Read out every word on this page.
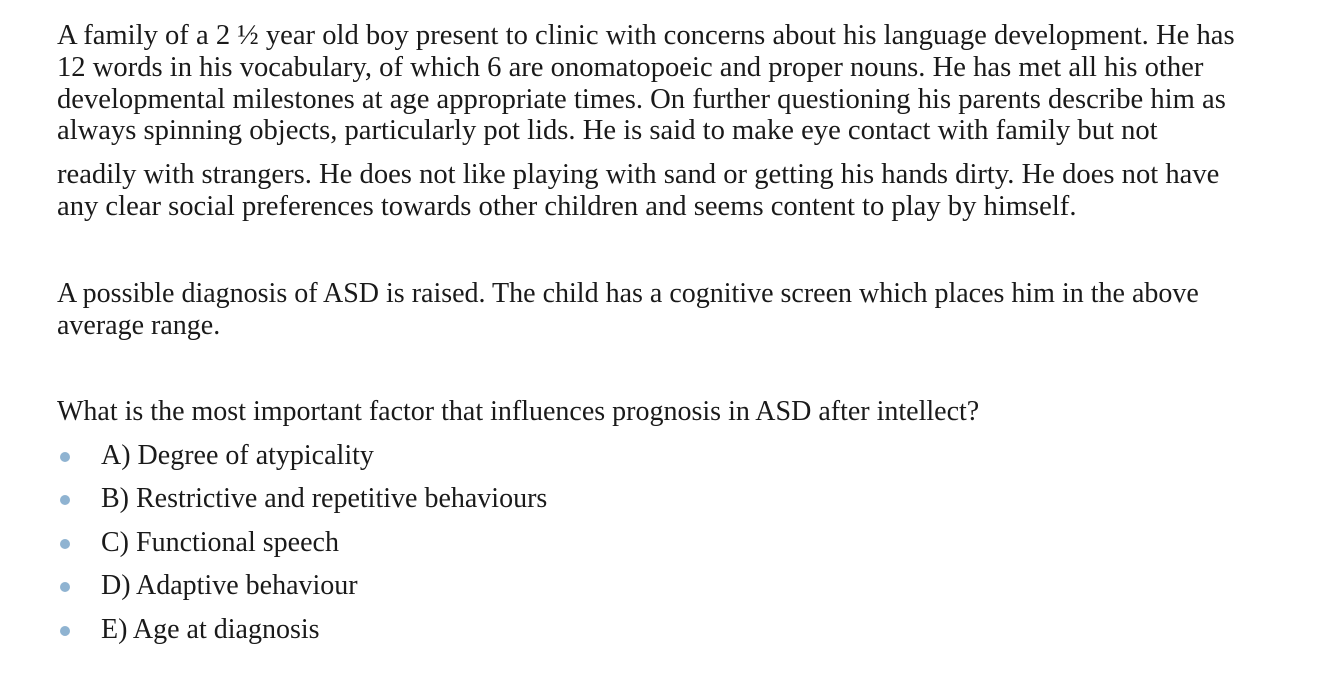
A family of a 2 ½ year old boy present to clinic with concerns about his language development. He has
12 words in his vocabulary, of which 6 are onomatopoeic and proper nouns. He has met all his other
developmental milestones at age appropriate times. On further questioning his parents describe him as
always spinning objects, particularly pot lids. He is said to make eye contact with family but not
readily with strangers. He does not like playing with sand or getting his hands dirty. He does not have
any clear social preferences towards other children and seems content to play by himself.
A possible diagnosis of ASD is raised. The child has a cognitive screen which places him in the above
average range.
What is the most important factor that influences prognosis in ASD after intellect?
A) Degree of atypicality
B) Restrictive and repetitive behaviours
C) Functional speech
D) Adaptive behaviour
E) Age at diagnosis
